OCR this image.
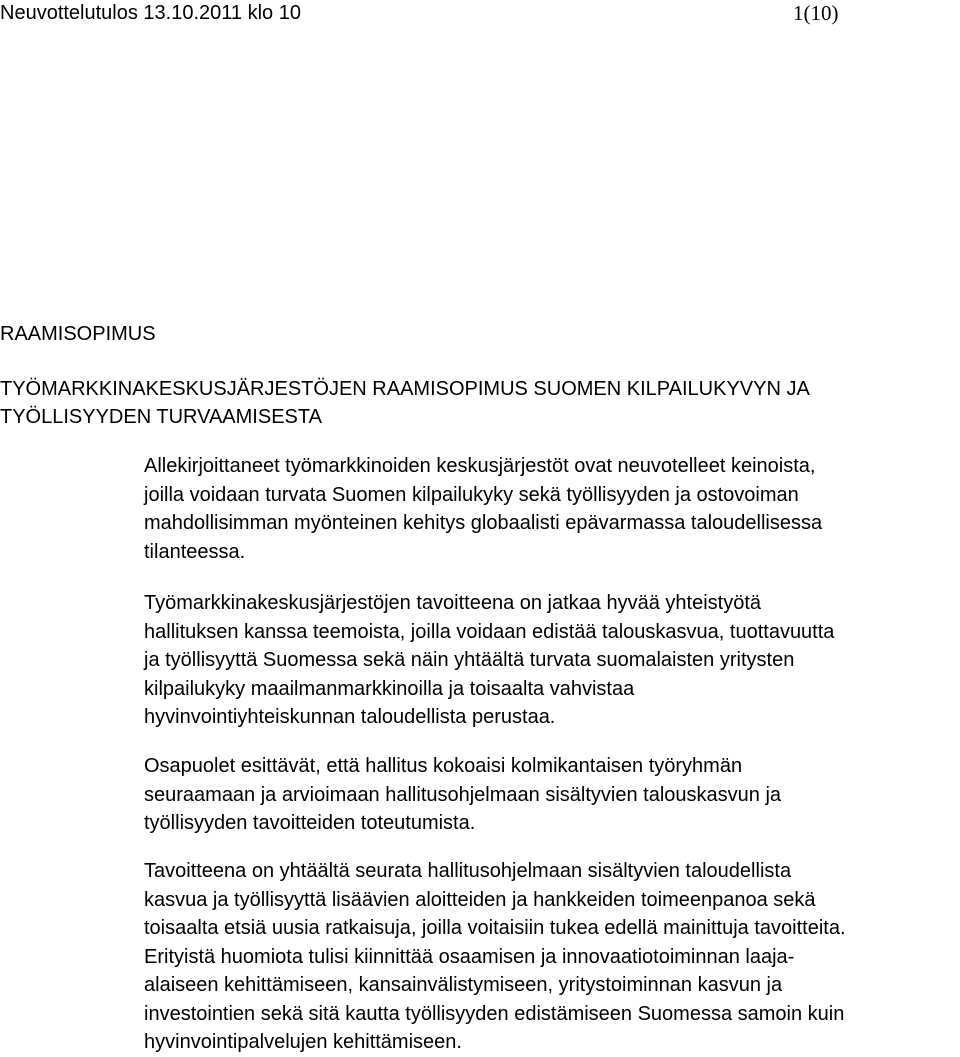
Neuvottelutulos 13.10.2011 klo 10	1(10)
RAAMISOPIMUS
TYÖMARKKINAKESKUSJÄRJESTÖJEN RAAMISOPIMUS SUOMEN KILPAILUKYVYN JA
TYÖLLISYYDEN TURVAAMISESTA
Allekirjoittaneet työmarkkinoiden keskusjärjestöt ovat neuvotelleet keinoista,
joilla voidaan turvata Suomen kilpailukyky sekä työllisyyden ja ostovoiman
mahdollisimman myönteinen kehitys globaalisti epävarmassa taloudellisessa
tilanteessa.
Työmarkkinakeskusjärjestöjen tavoitteena on jatkaa hyvää yhteistyötä
hallituksen kanssa teemoista, joilla voidaan edistää talouskasvua, tuottavuutta
ja työllisyyttä Suomessa sekä näin yhtäältä turvata suomalaisten yritysten
kilpailukyky maailmanmarkkinoilla ja toisaalta vahvistaa
hyvinvointiyhteiskunnan taloudellista perustaa.
Osapuolet esittävät, että hallitus kokoaisi kolmikantaisen työryhmän
seuraamaan ja arvioimaan hallitusohjelmaan sisältyvien talouskasvun ja
työllisyyden tavoitteiden toteutumista.
Tavoitteena on yhtäältä seurata hallitusohjelmaan sisältyvien taloudellista
kasvua ja työllisyyttä lisäävien aloitteiden ja hankkeiden toimeenpanoa sekä
toisaalta etsiä uusia ratkaisuja, joilla voitaisiin tukea edellä mainittuja tavoitteita.
Erityistä huomiota tulisi kiinnittää osaamisen ja innovaatiotoiminnan laaja-
alaiseen kehittämiseen, kansainvälistymiseen, yritystoiminnan kasvun ja
investointien sekä sitä kautta työllisyyden edistämiseen Suomessa samoin kuin
hyvinvointipalvelujen kehittämiseen.
